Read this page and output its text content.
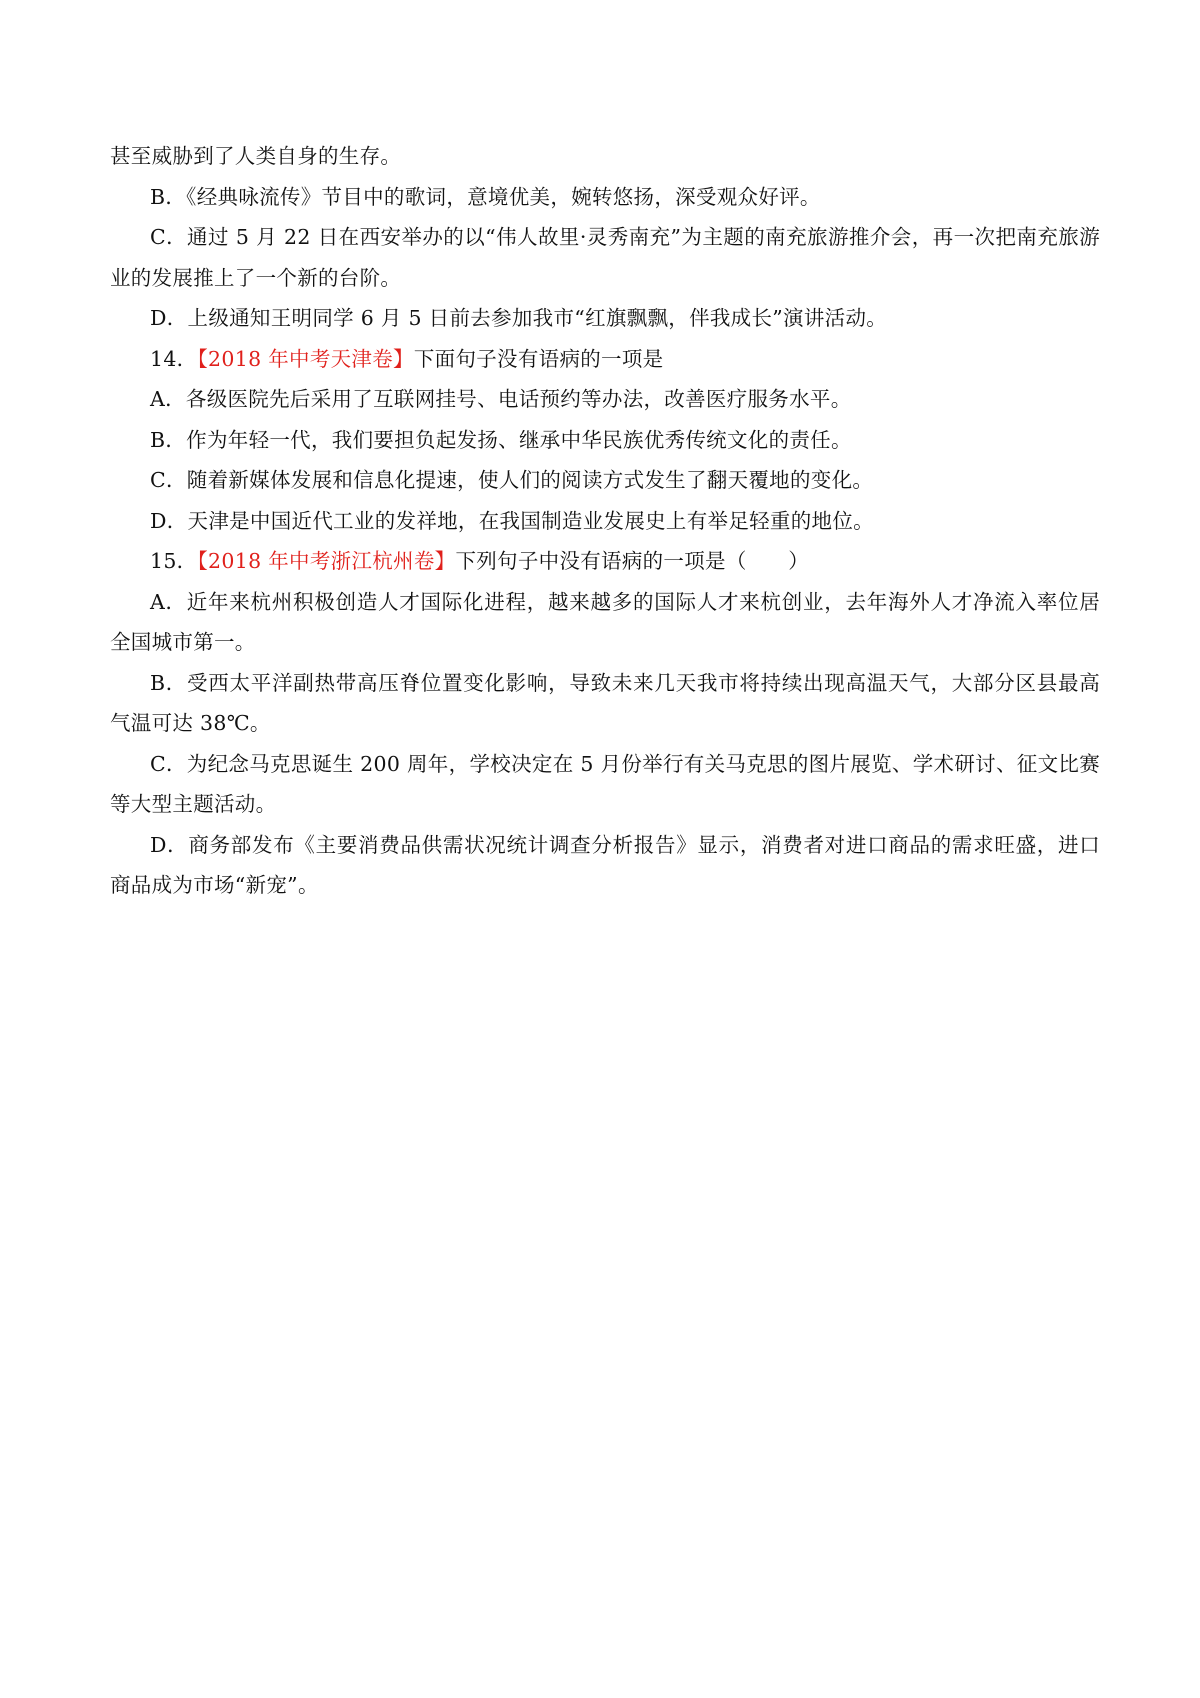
甚至威胁到了人类自身的生存。

B．《经典咏流传》节目中的歌词，意境优美，婉转悠扬，深受观众好评。

C．通过 5 月 22 日在西安举办的以“伟人故里·灵秀南充”为主题的南充旅游推介会，再一次把南充旅游业的发展推上了一个新的台阶。

D．上级通知王明同学 6 月 5 日前去参加我市“红旗飘飘，伴我成长”演讲活动。

14．【2018 年中考天津卷】下面句子没有语病的一项是

A．各级医院先后采用了互联网挂号、电话预约等办法，改善医疗服务水平。

B．作为年轻一代，我们要担负起发扬、继承中华民族优秀传统文化的责任。

C．随着新媒体发展和信息化提速，使人们的阅读方式发生了翻天覆地的变化。

D．天津是中国近代工业的发祥地，在我国制造业发展史上有举足轻重的地位。

15．【2018 年中考浙江杭州卷】下列句子中没有语病的一项是（　　）

A．近年来杭州积极创造人才国际化进程，越来越多的国际人才来杭创业，去年海外人才净流入率位居全国城市第一。

B．受西太平洋副热带高压脊位置变化影响，导致未来几天我市将持续出现高温天气，大部分区县最高气温可达 38℃。

C．为纪念马克思诞生 200 周年，学校决定在 5 月份举行有关马克思的图片展览、学术研讨、征文比赛等大型主题活动。

D．商务部发布《主要消费品供需状况统计调查分析报告》显示，消费者对进口商品的需求旺盛，进口商品成为市场“新宠”。
